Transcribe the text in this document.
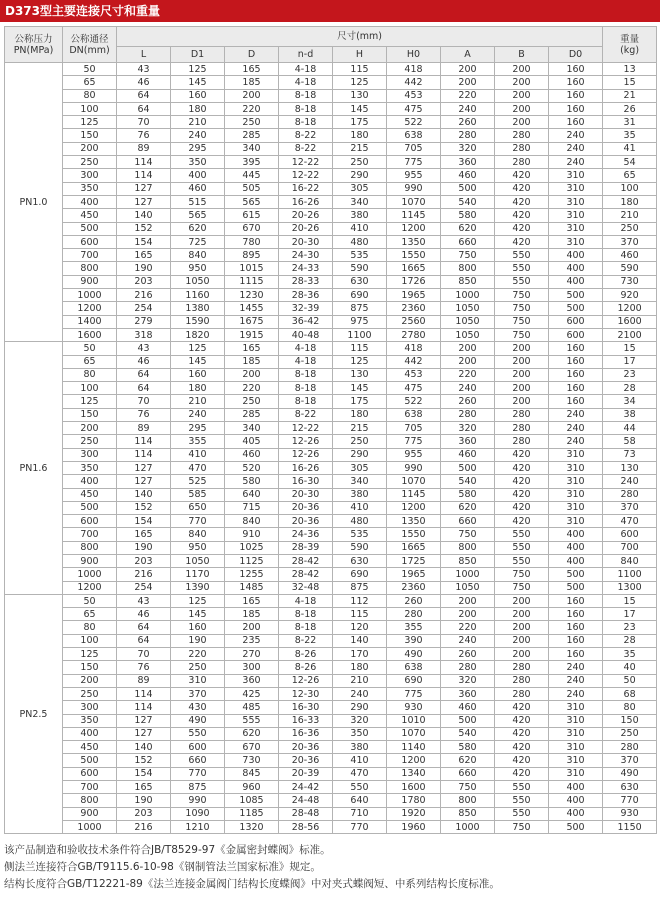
D373型主要连接尺寸和重量
公称压力
PN(MPa)	公称通径
DN(mm)	尺寸(mm)									重量
(kg)
		L	D1	D	n-d	H	H0	A	B	D0	
PN1.0	50	43	125	165	4-18	115	418	200	200	160	13
	65	46	145	185	4-18	125	442	200	200	160	15
	80	64	160	200	8-18	130	453	220	200	160	21
	100	64	180	220	8-18	145	475	240	200	160	26
	125	70	210	250	8-18	175	522	260	200	160	31
	150	76	240	285	8-22	180	638	280	280	240	35
	200	89	295	340	8-22	215	705	320	280	240	41
	250	114	350	395	12-22	250	775	360	280	240	54
	300	114	400	445	12-22	290	955	460	420	310	65
	350	127	460	505	16-22	305	990	500	420	310	100
	400	127	515	565	16-26	340	1070	540	420	310	180
	450	140	565	615	20-26	380	1145	580	420	310	210
	500	152	620	670	20-26	410	1200	620	420	310	250
	600	154	725	780	20-30	480	1350	660	420	310	370
	700	165	840	895	24-30	535	1550	750	550	400	460
	800	190	950	1015	24-33	590	1665	800	550	400	590
	900	203	1050	1115	28-33	630	1726	850	550	400	730
	1000	216	1160	1230	28-36	690	1965	1000	750	500	920
	1200	254	1380	1455	32-39	875	2360	1050	750	500	1200
	1400	279	1590	1675	36-42	975	2560	1050	750	600	1600
	1600	318	1820	1915	40-48	1100	2780	1050	750	600	2100
PN1.6	50	43	125	165	4-18	115	418	200	200	160	15
	65	46	145	185	4-18	125	442	200	200	160	17
	80	64	160	200	8-18	130	453	220	200	160	23
	100	64	180	220	8-18	145	475	240	200	160	28
	125	70	210	250	8-18	175	522	260	200	160	34
	150	76	240	285	8-22	180	638	280	280	240	38
	200	89	295	340	12-22	215	705	320	280	240	44
	250	114	355	405	12-26	250	775	360	280	240	58
	300	114	410	460	12-26	290	955	460	420	310	73
	350	127	470	520	16-26	305	990	500	420	310	130
	400	127	525	580	16-30	340	1070	540	420	310	240
	450	140	585	640	20-30	380	1145	580	420	310	280
	500	152	650	715	20-36	410	1200	620	420	310	370
	600	154	770	840	20-36	480	1350	660	420	310	470
	700	165	840	910	24-36	535	1550	750	550	400	600
	800	190	950	1025	28-39	590	1665	800	550	400	700
	900	203	1050	1125	28-42	630	1725	850	550	400	840
	1000	216	1170	1255	28-42	690	1965	1000	750	500	1100
	1200	254	1390	1485	32-48	875	2360	1050	750	500	1300
PN2.5	50	43	125	165	4-18	112	260	200	200	160	15
	65	46	145	185	8-18	115	280	200	200	160	17
	80	64	160	200	8-18	120	355	220	200	160	23
	100	64	190	235	8-22	140	390	240	200	160	28
	125	70	220	270	8-26	170	490	260	200	160	35
	150	76	250	300	8-26	180	638	280	280	240	40
	200	89	310	360	12-26	210	690	320	280	240	50
	250	114	370	425	12-30	240	775	360	280	240	68
	300	114	430	485	16-30	290	930	460	420	310	80
	350	127	490	555	16-33	320	1010	500	420	310	150
	400	127	550	620	16-36	350	1070	540	420	310	250
	450	140	600	670	20-36	380	1140	580	420	310	280
	500	152	660	730	20-36	410	1200	620	420	310	370
	600	154	770	845	20-39	470	1340	660	420	310	490
	700	165	875	960	24-42	550	1600	750	550	400	630
	800	190	990	1085	24-48	640	1780	800	550	400	770
	900	203	1090	1185	28-48	710	1920	850	550	400	930
	1000	216	1210	1320	28-56	770	1960	1000	750	500	1150
该产品制造和验收技术条件符合JB/T8529-97《金属密封蝶阀》标准。
侧法兰连接符合GB/T9115.6-10-98《钢制管法兰国家标准》规定。
结构长度符合GB/T12221-89《法兰连接金属阀门结构长度蝶阀》中对夹式蝶阀短、中系列结构长度标准。
